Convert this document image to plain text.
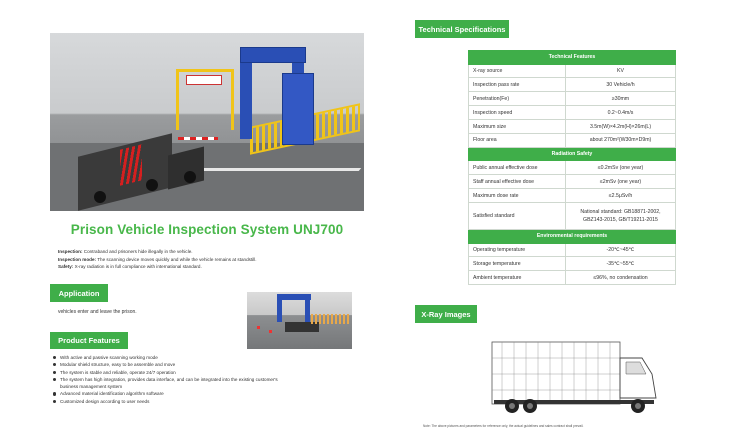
Prison Vehicle Inspection System UNJ700
Inspection: Contraband and prisoners hide illegally in the vehicle.
Inspection mode: The scanning device moves quickly and while the vehicle remains at standstill.
Safety: X-ray radiation is in full compliance with international standard.
Application
vehicles enter and leave the prison.
Product Features
With active and passive scanning working mode
Modular shield structure, easy to be assemble and move
The system is stable and reliable, operate 24/7 operation
The system has high integration, provides data interface, and can be integrated into the existing customer's
business management system
Advanced material identification algorithm software
Customized design according to user needs
Technical Specifications
Technical Features	
X-ray source	KV
Inspection pass rate	30 Vehicle/h
Penetration(Fe)	≥30mm
Inspection speed	0.2~0.4m/s
Maximum size	3.5m(W)×4.2m(H)×26m(L)
Floor area	about 270m²(W30m×D9m)
Radiation Safety	
Public annual effective dose	≤0.2mSv (one year)
Staff annual effective dose	≤2mSv (one year)
Maximum dose rate	≤2.5μSv/h
Satisfied standard	National standard: GB18871-2002,
GBZ143-2015, GB/T19211-2015
Environmental requirements	
Operating temperature	-20℃~45℃
Storage temperature	-35℃~55℃
Ambient temperature	≤96%, no condensation
X-Ray Images
Note: The above pictures and parameters for reference only, the actual guidelines and sales contract shall prevail.
